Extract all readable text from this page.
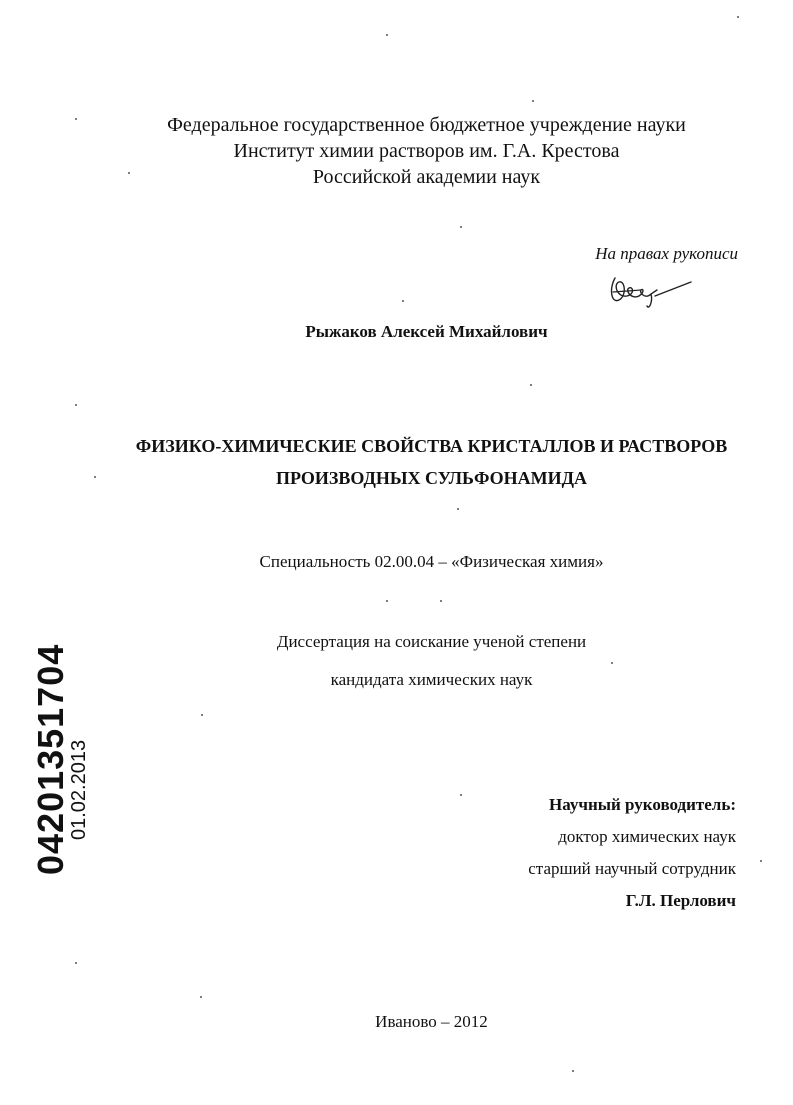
Федеральное государственное бюджетное учреждение науки
Институт химии растворов им. Г.А. Крестова
Российской академии наук
На правах рукописи
Рыжаков Алексей Михайлович
ФИЗИКО-ХИМИЧЕСКИЕ СВОЙСТВА КРИСТАЛЛОВ И РАСТВОРОВ
ПРОИЗВОДНЫХ СУЛЬФОНАМИДА
Специальность 02.00.04 – «Физическая химия»
Диссертация на соискание ученой степени
кандидата химических наук
Научный руководитель:
доктор химических наук
старший научный сотрудник
Г.Л. Перлович
Иваново – 2012
04201351704
01.02.2013
